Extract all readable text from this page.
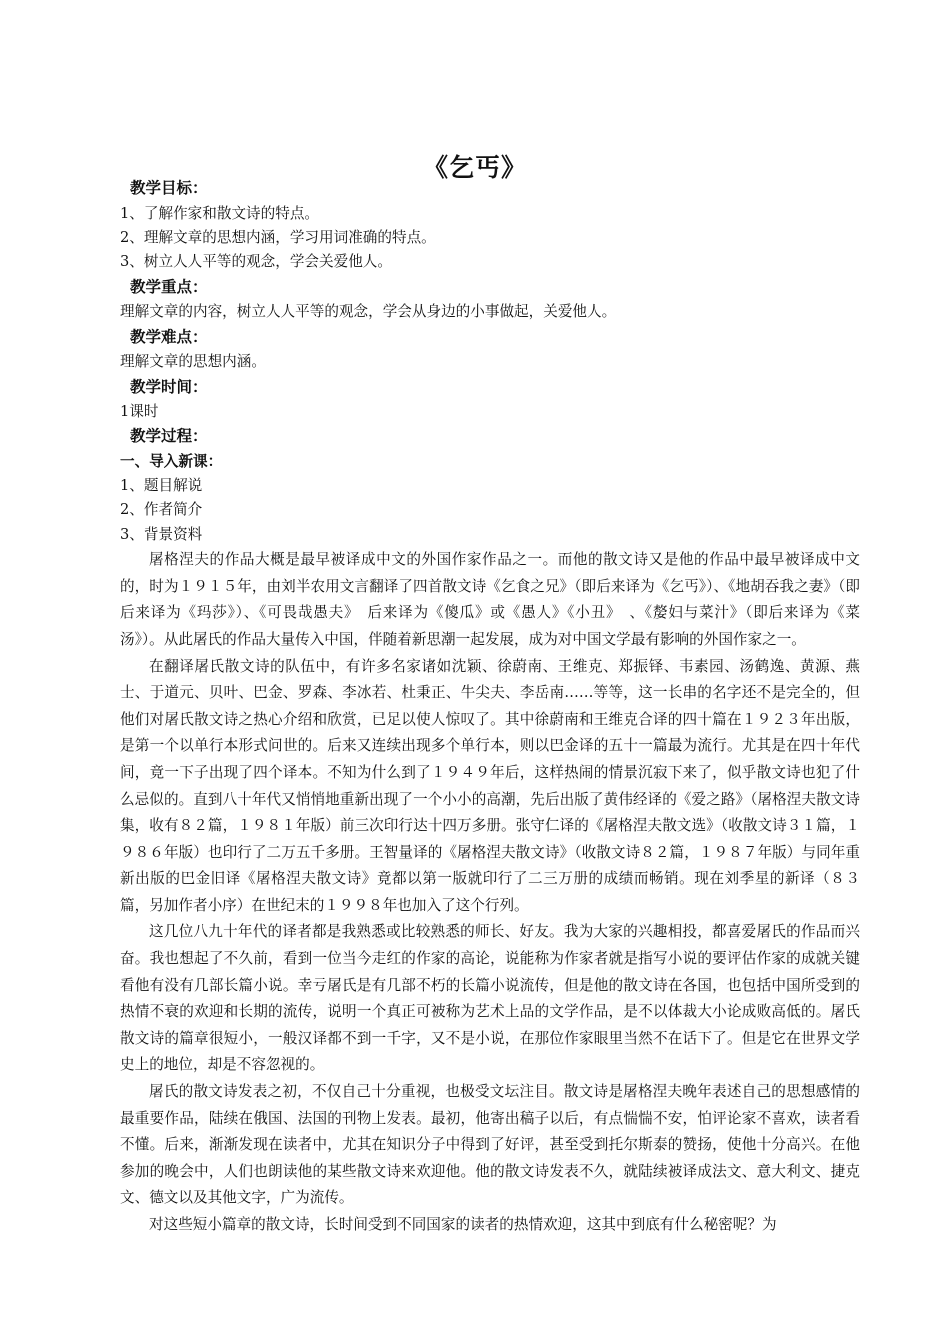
《乞丐》
教学目标：
1、了解作家和散文诗的特点。
2、理解文章的思想内涵，学习用词准确的特点。
3、树立人人平等的观念，学会关爱他人。
教学重点：
理解文章的内容，树立人人平等的观念，学会从身边的小事做起，关爱他人。
教学难点：
理解文章的思想内涵。
教学时间：
1课时
教学过程：
一、导入新课：
1、题目解说
2、作者简介
3、背景资料

屠格涅夫的作品大概是最早被译成中文的外国作家作品之一。而他的散文诗又是他的作品中最早被译成中文的，时为１９１５年，由刘半农用文言翻译了四首散文诗《乞食之兄》（即后来译为《乞丐》）、《地胡吞我之妻》（即后来译为《玛莎》）、《可畏哉愚夫》　后来译为《傻瓜》或《愚人》《小丑》　、《嫠妇与菜汁》（即后来译为《菜汤》）。从此屠氏的作品大量传入中国，伴随着新思潮一起发展，成为对中国文学最有影响的外国作家之一。

在翻译屠氏散文诗的队伍中，有许多名家诸如沈颖、徐蔚南、王维克、郑振铎、韦素园、汤鹤逸、黄源、燕士、于道元、贝叶、巴金、罗森、李冰若、杜秉正、牛尖夫、李岳南……等等，这一长串的名字还不是完全的，但他们对屠氏散文诗之热心介绍和欣赏，已足以使人惊叹了。其中徐蔚南和王维克合译的四十篇在１９２３年出版，是第一个以单行本形式问世的。后来又连续出现多个单行本，则以巴金译的五十一篇最为流行。尤其是在四十年代间，竟一下子出现了四个译本。不知为什么到了１９４９年后，这样热闹的情景沉寂下来了，似乎散文诗也犯了什么忌似的。直到八十年代又悄悄地重新出现了一个小小的高潮，先后出版了黄伟经译的《爱之路》（屠格涅夫散文诗集，收有８２篇，１９８１年版）前三次印行达十四万多册。张守仁译的《屠格涅夫散文选》（收散文诗３１篇，１９８６年版）也印行了二万五千多册。王智量译的《屠格涅夫散文诗》（收散文诗８２篇，１９８７年版）与同年重新出版的巴金旧译《屠格涅夫散文诗》竟都以第一版就印行了二三万册的成绩而畅销。现在刘季星的新译（８３篇，另加作者小序）在世纪末的１９９８年也加入了这个行列。

这几位八九十年代的译者都是我熟悉或比较熟悉的师长、好友。我为大家的兴趣相投，都喜爱屠氏的作品而兴奋。我也想起了不久前，看到一位当今走红的作家的高论，说能称为作家者就是指写小说的要评估作家的成就关键看他有没有几部长篇小说。幸亏屠氏是有几部不朽的长篇小说流传，但是他的散文诗在各国，也包括中国所受到的热情不衰的欢迎和长期的流传，说明一个真正可被称为艺术上品的文学作品，是不以体裁大小论成败高低的。屠氏散文诗的篇章很短小，一般汉译都不到一千字，又不是小说，在那位作家眼里当然不在话下了。但是它在世界文学史上的地位，却是不容忽视的。

屠氏的散文诗发表之初，不仅自己十分重视，也极受文坛注目。散文诗是屠格涅夫晚年表述自己的思想感情的最重要作品，陆续在俄国、法国的刊物上发表。最初，他寄出稿子以后，有点惴惴不安，怕评论家不喜欢，读者看不懂。后来，渐渐发现在读者中，尤其在知识分子中得到了好评，甚至受到托尔斯泰的赞扬，使他十分高兴。在他参加的晚会中，人们也朗读他的某些散文诗来欢迎他。他的散文诗发表不久，就陆续被译成法文、意大利文、捷克文、德文以及其他文字，广为流传。

对这些短小篇章的散文诗，长时间受到不同国家的读者的热情欢迎，这其中到底有什么秘密呢？为
